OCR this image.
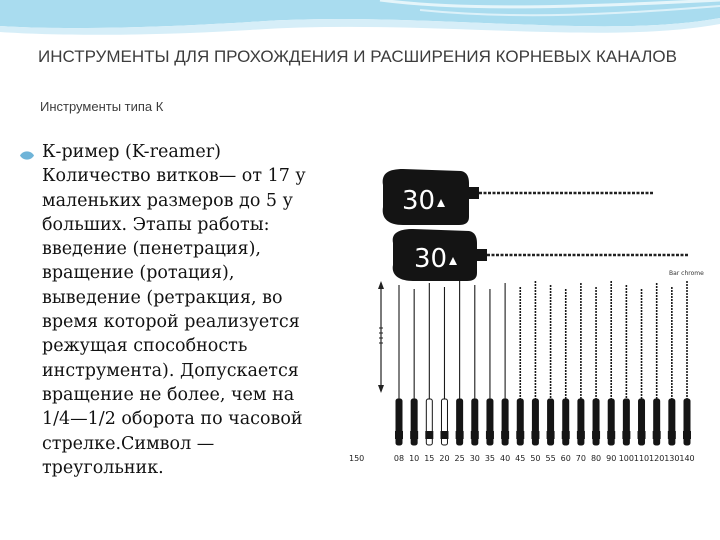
ИНСТРУМЕНТЫ ДЛЯ ПРОХОЖДЕНИЯ И РАСШИРЕНИЯ КОРНЕВЫХ КАНАЛОВ

Инструменты типа К

К-ример (K-reamer)
Количество витков— от 17 у
маленьких размеров до 5 у
больших. Этапы работы:
введение (пенетрация),
вращение (ротация),
выведение (ретракция, во
время которой реализуется
режущая способность
инструмента). Допускается
вращение не более, чем на
1/4—1/2 оборота по часовой
стрелке.Символ —
треугольник.
30
30	Bar chrome
150	08 10 15 20 25 30 35 40 45 50 55 60 70 80 90 100 110 120 130 140
